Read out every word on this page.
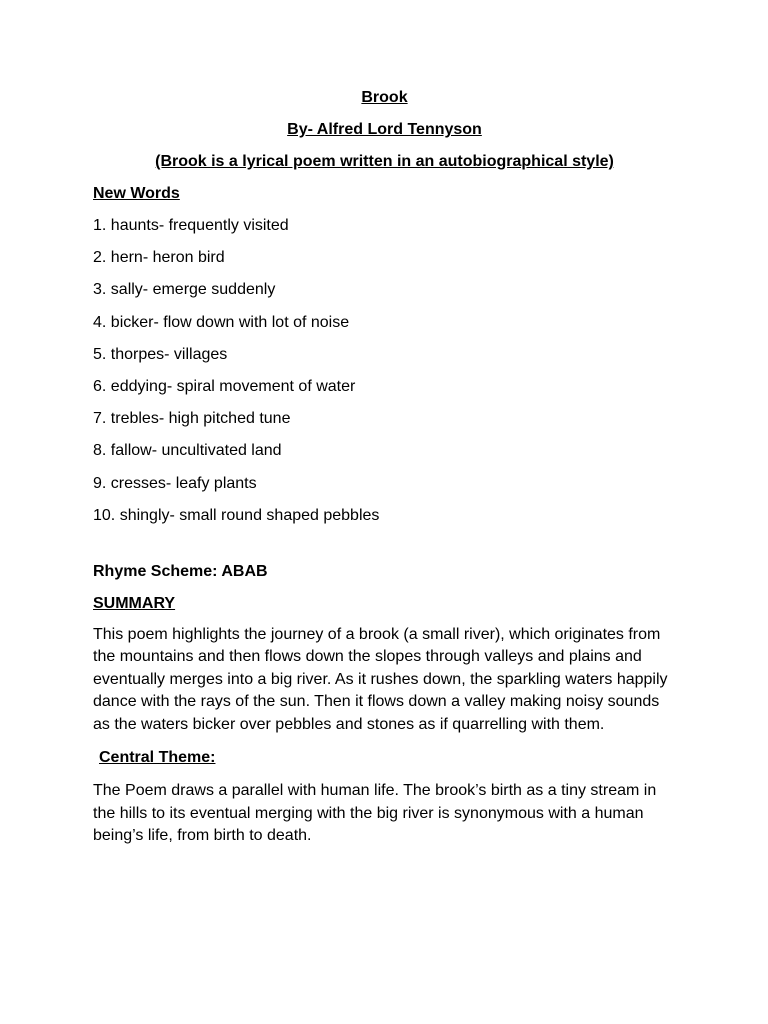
Brook
By- Alfred Lord Tennyson
(Brook is a lyrical poem written in an autobiographical style)
New Words
1. haunts- frequently visited
2. hern- heron bird
3. sally- emerge suddenly
4. bicker- flow down with lot of noise
5. thorpes- villages
6. eddying- spiral movement of water
7. trebles- high pitched tune
8. fallow- uncultivated land
9. cresses- leafy plants
10. shingly- small round shaped pebbles
Rhyme Scheme: ABAB
SUMMARY
This poem highlights the journey of a brook (a small river), which originates from the mountains and then flows down the slopes through valleys and plains and eventually merges into a big river. As it rushes down, the sparkling waters happily dance with the rays of the sun. Then it flows down a valley making noisy sounds as the waters bicker over pebbles and stones as if quarrelling with them.
Central Theme:
The Poem draws a parallel with human life. The brook’s birth as a tiny stream in the hills to its eventual merging with the big river is synonymous with a human being’s life, from birth to death.
